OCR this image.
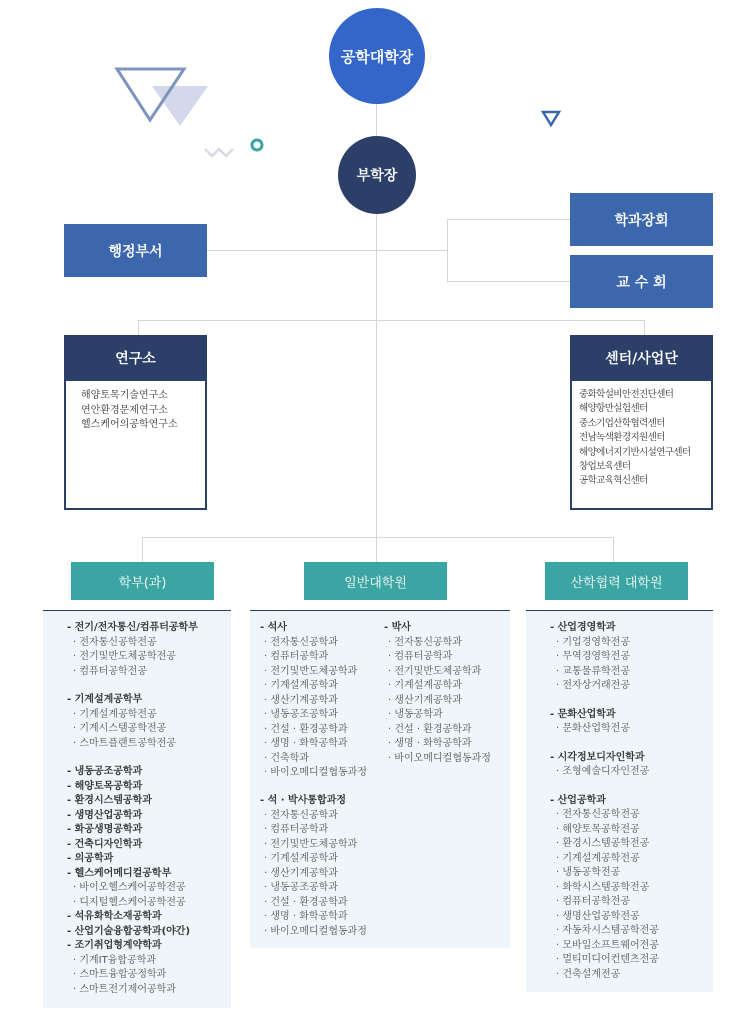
공학대학장
부학장
행정부서
학과장회
교 수 회
연구소
해양토목기술연구소
연안환경문제연구소
헬스케어의공학연구소
센터/사업단
중화학설비안전진단센터
해양항만실험센터
중소기업산학협력센터
전남녹색환경지원센터
해양에너지기반시설연구센터
창업보육센터
공학교육혁신센터
학부(과)	일반대학원	산학협력 대학원
- 전기/전자통신/컴퓨터공학부
· 전자통신공학전공
· 전기및반도체공학전공
· 컴퓨터공학전공
- 기계설계공학부
· 기계설계공학전공
· 기계시스템공학전공
· 스마트플랜트공학전공
- 냉동공조공학과
- 해양토목공학과
- 환경시스템공학과
- 생명산업공학과
- 화공생명공학과
- 건축디자인학과
- 의공학과
- 헬스케어메디컬공학부
· 바이오헬스케어공학전공
· 디지털헬스케어공학전공
- 석유화학소재공학과
- 산업기술융합공학과(야간)
- 조기취업형계약학과
· 기계IT융합공학과
· 스마트융합공정학과
· 스마트전기제어공학과
- 석사
· 전자통신공학과
· 컴퓨터공학과
· 전기및반도체공학과
· 기계설계공학과
· 생산기계공학과
· 냉동공조공학과
· 건설 · 환경공학과
· 생명 · 화학공학과
· 건축학과
· 바이오메디컬협동과정
- 박사
· 전자통신공학과
· 컴퓨터공학과
· 전기및반도체공학과
· 기계설계공학과
· 생산기계공학과
· 냉동공학과
· 건설 · 환경공학과
· 생명 · 화학공학과
· 바이오메디컬협동과정
- 석 · 박사통합과정
· 전자통신공학과
· 컴퓨터공학과
· 전기및반도체공학과
· 기계설계공학과
· 생산기계공학과
· 냉동공조공학과
· 건설 · 환경공학과
· 생명 · 화학공학과
· 바이오메디컬협동과정
- 산업경영학과
· 기업경영학전공
· 무역경영학전공
· 교통물류학전공
· 전자상거래전공
- 문화산업학과
· 문화산업학전공
- 시각정보디자인학과
· 조형예술디자인전공
- 산업공학과
· 전자통신공학전공
· 해양토목공학전공
· 환경시스템공학전공
· 기계설계공학전공
· 냉동공학전공
· 화학시스템공학전공
· 컴퓨터공학전공
· 생명산업공학전공
· 자동차시스템공학전공
· 모바일소프트웨어전공
· 멀티미디어컨텐츠전공
· 건축설계전공
